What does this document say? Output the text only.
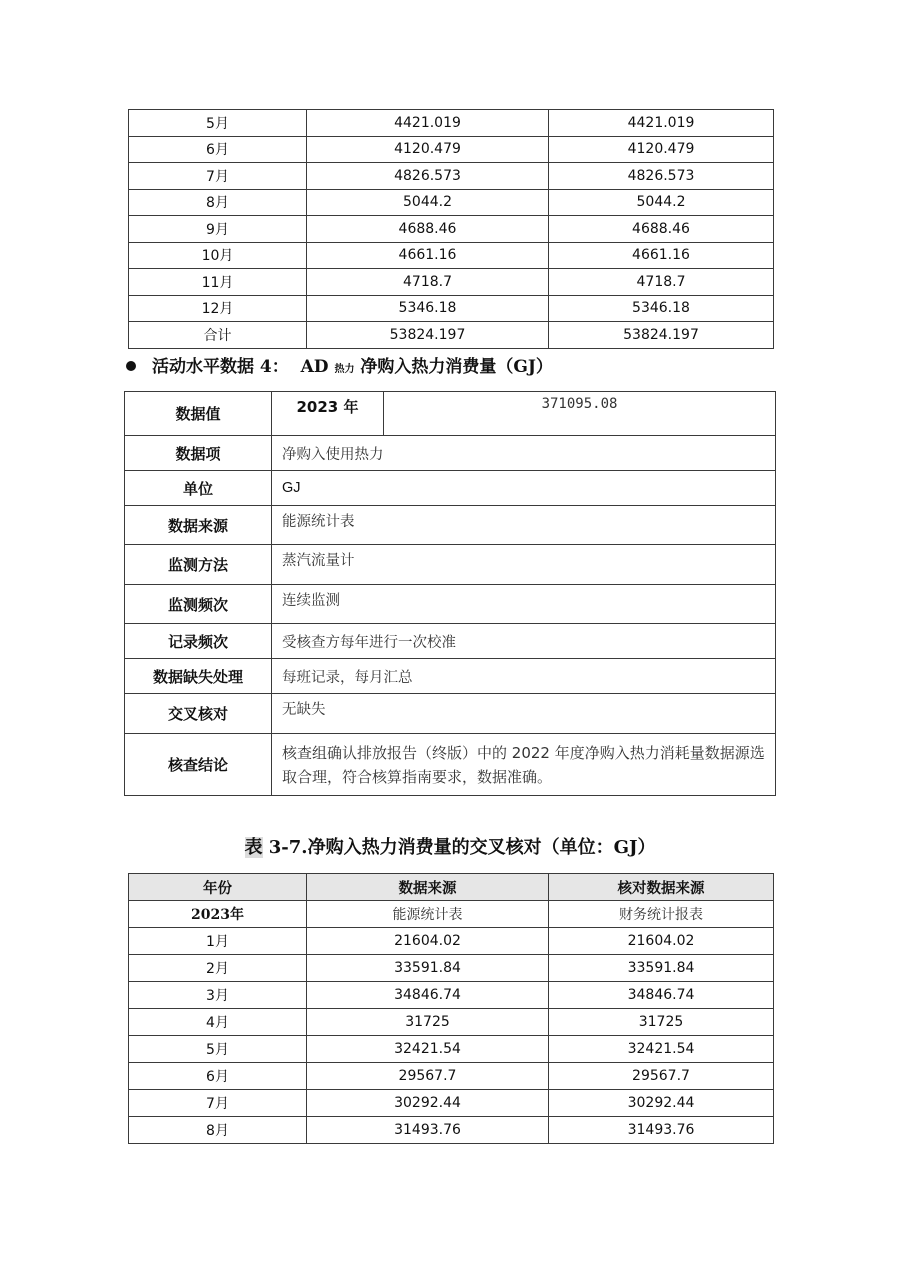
5月	4421.019	4421.019
6月	4120.479	4120.479
7月	4826.573	4826.573
8月	5044.2	5044.2
9月	4688.46	4688.46
10月	4661.16	4661.16
11月	4718.7	4718.7
12月	5346.18	5346.18
合计	53824.197	53824.197
活动水平数据 4： AD 热力 净购入热力消费量（GJ）
数据值	2023 年	371095.08
数据项	净购入使用热力	
单位	GJ	
数据来源	能源统计表	
监测方法	蒸汽流量计	
监测频次	连续监测	
记录频次	受核查方每年进行一次校准	
数据缺失处理	每班记录，每月汇总	
交叉核对	无缺失	
核查结论	核查组确认排放报告（终版）中的 2022 年度净购入热力消耗量数据源选取合理，符合核算指南要求，数据准确。	
表 3-7.净购入热力消费量的交叉核对（单位：GJ）
年份	数据来源	核对数据来源
2023年	能源统计表	财务统计报表
1月	21604.02	21604.02
2月	33591.84	33591.84
3月	34846.74	34846.74
4月	31725	31725
5月	32421.54	32421.54
6月	29567.7	29567.7
7月	30292.44	30292.44
8月	31493.76	31493.76
